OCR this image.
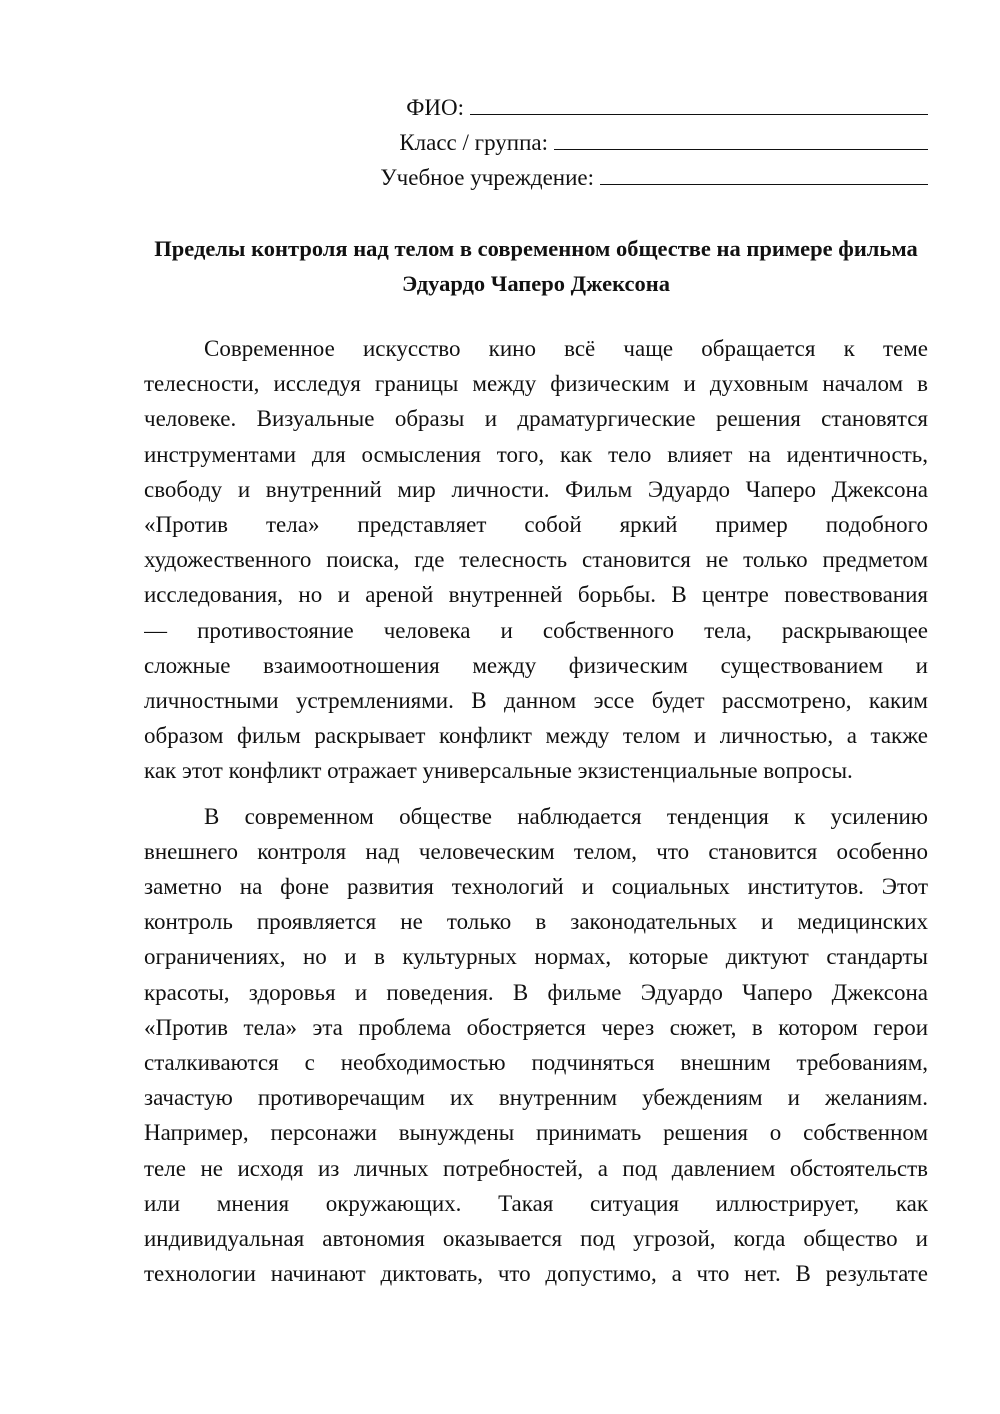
ФИО:
Класс / группа:
Учебное учреждение:
Пределы контроля над телом в современном обществе на примере фильма
Эдуардо Чаперо Джексона
Современное искусство кино всё чаще обращается к теме
телесности, исследуя границы между физическим и духовным началом в
человеке. Визуальные образы и драматургические решения становятся
инструментами для осмысления того, как тело влияет на идентичность,
свободу и внутренний мир личности. Фильм Эдуардо Чаперо Джексона
«Против тела» представляет собой яркий пример подобного
художественного поиска, где телесность становится не только предметом
исследования, но и ареной внутренней борьбы. В центре повествования
— противостояние человека и собственного тела, раскрывающее
сложные взаимоотношения между физическим существованием и
личностными устремлениями. В данном эссе будет рассмотрено, каким
образом фильм раскрывает конфликт между телом и личностью, а также
как этот конфликт отражает универсальные экзистенциальные вопросы.
В современном обществе наблюдается тенденция к усилению
внешнего контроля над человеческим телом, что становится особенно
заметно на фоне развития технологий и социальных институтов. Этот
контроль проявляется не только в законодательных и медицинских
ограничениях, но и в культурных нормах, которые диктуют стандарты
красоты, здоровья и поведения. В фильме Эдуардо Чаперо Джексона
«Против тела» эта проблема обостряется через сюжет, в котором герои
сталкиваются с необходимостью подчиняться внешним требованиям,
зачастую противоречащим их внутренним убеждениям и желаниям.
Например, персонажи вынуждены принимать решения о собственном
теле не исходя из личных потребностей, а под давлением обстоятельств
или мнения окружающих. Такая ситуация иллюстрирует, как
индивидуальная автономия оказывается под угрозой, когда общество и
технологии начинают диктовать, что допустимо, а что нет. В результате
